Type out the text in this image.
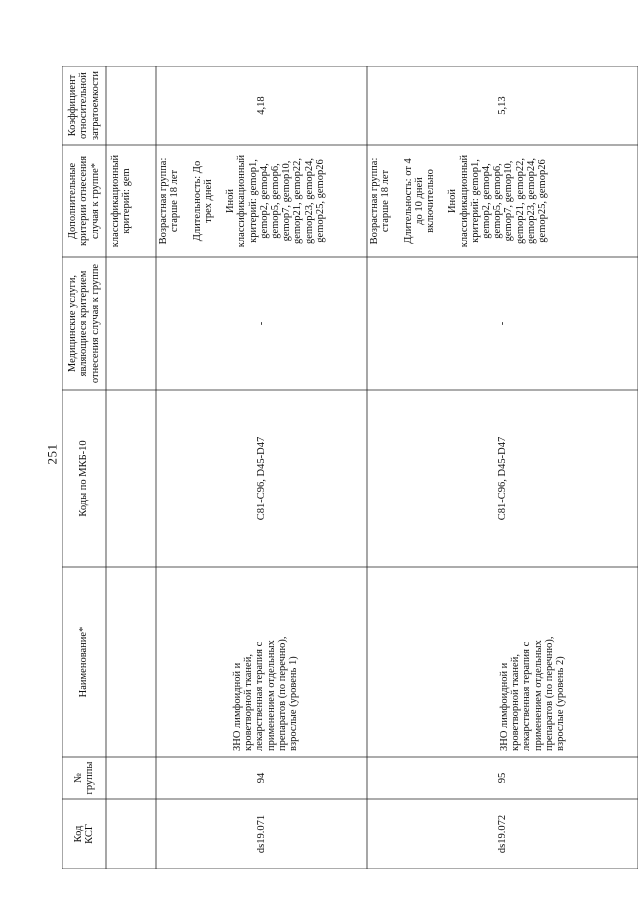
251
Код
КСГ
№
группы
Наименование*
Коды по МКБ-10
Медицинские услуги,
являющиеся критерием
отнесения случая к группе
Дополнительные
критерии отнесения
случая к группе*
Коэффициент
относительной
затратоемкости
классификационный
критерий: gem
ds19.071
94
ЗНО лимфоидной и
кроветворной тканей,
лекарственная терапия с
применением отдельных
препаратов (по перечню),
взрослые (уровень 1)
C81-C96, D45-D47
-
Возрастная группа:
старше 18 лет

Длительность: До
трех дней

Иной
классификационный
критерий: gemop1,
gemop2, gemop4,
gemop5, gemop6,
gemop7, gemop10,
gemop21, gemop22,
gemop23, gemop24,
gemop25, gemop26
4,18
ds19.072
95
ЗНО лимфоидной и
кроветворной тканей,
лекарственная терапия с
применением отдельных
препаратов (по перечню),
взрослые (уровень 2)
C81-C96, D45-D47
-
Возрастная группа:
старше 18 лет

Длительность: от 4
до 10 дней
включительно

Иной
классификационный
критерий: gemop1,
gemop2, gemop4,
gemop5, gemop6,
gemop7, gemop10,
gemop21, gemop22,
gemop23, gemop24,
gemop25, gemop26
5,13
